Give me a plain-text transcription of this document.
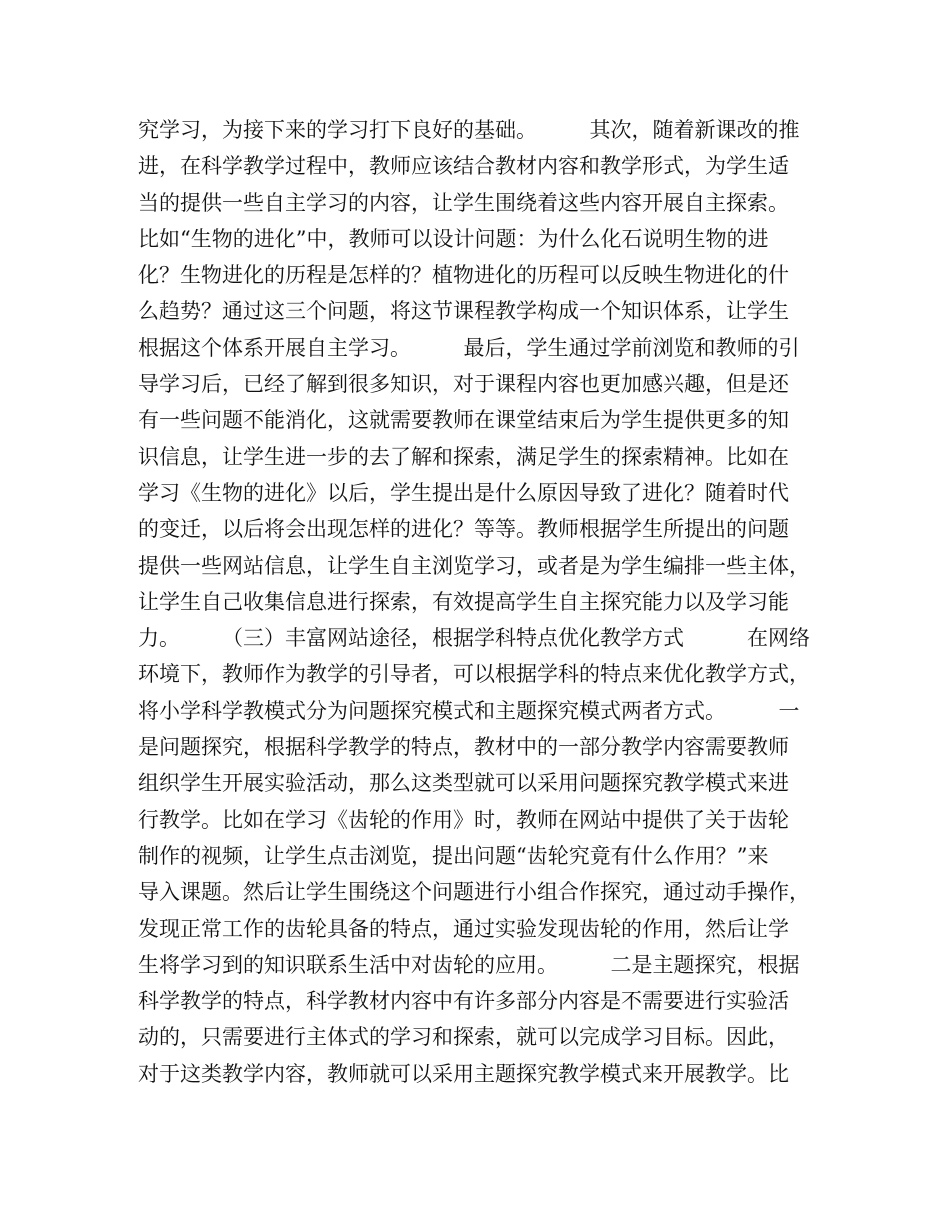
究学习，为接下来的学习打下良好的基础。　　　其次，随着新课改的推
进，在科学教学过程中，教师应该结合教材内容和教学形式，为学生适
当的提供一些自主学习的内容，让学生围绕着这些内容开展自主探索。
比如“生物的进化”中，教师可以设计问题：为什么化石说明生物的进
化？生物进化的历程是怎样的？植物进化的历程可以反映生物进化的什
么趋势？通过这三个问题，将这节课程教学构成一个知识体系，让学生
根据这个体系开展自主学习。　　　最后，学生通过学前浏览和教师的引
导学习后，已经了解到很多知识，对于课程内容也更加感兴趣，但是还
有一些问题不能消化，这就需要教师在课堂结束后为学生提供更多的知
识信息，让学生进一步的去了解和探索，满足学生的探索精神。比如在
学习《生物的进化》以后，学生提出是什么原因导致了进化？随着时代
的变迁，以后将会出现怎样的进化？等等。教师根据学生所提出的问题
提供一些网站信息，让学生自主浏览学习，或者是为学生编排一些主体，
让学生自己收集信息进行探索，有效提高学生自主探究能力以及学习能
力。　　　（三）丰富网站途径，根据学科特点优化教学方式　　　在网络
环境下，教师作为教学的引导者，可以根据学科的特点来优化教学方式，
将小学科学教模式分为问题探究模式和主题探究模式两者方式。　　　一
是问题探究，根据科学教学的特点，教材中的一部分教学内容需要教师
组织学生开展实验活动，那么这类型就可以采用问题探究教学模式来进
行教学。比如在学习《齿轮的作用》时，教师在网站中提供了关于齿轮
制作的视频，让学生点击浏览，提出问题“齿轮究竟有什么作用？”来
导入课题。然后让学生围绕这个问题进行小组合作探究，通过动手操作，
发现正常工作的齿轮具备的特点，通过实验发现齿轮的作用，然后让学
生将学习到的知识联系生活中对齿轮的应用。　　　二是主题探究，根据
科学教学的特点，科学教材内容中有许多部分内容是不需要进行实验活
动的，只需要进行主体式的学习和探索，就可以完成学习目标。因此，
对于这类教学内容，教师就可以采用主题探究教学模式来开展教学。比
